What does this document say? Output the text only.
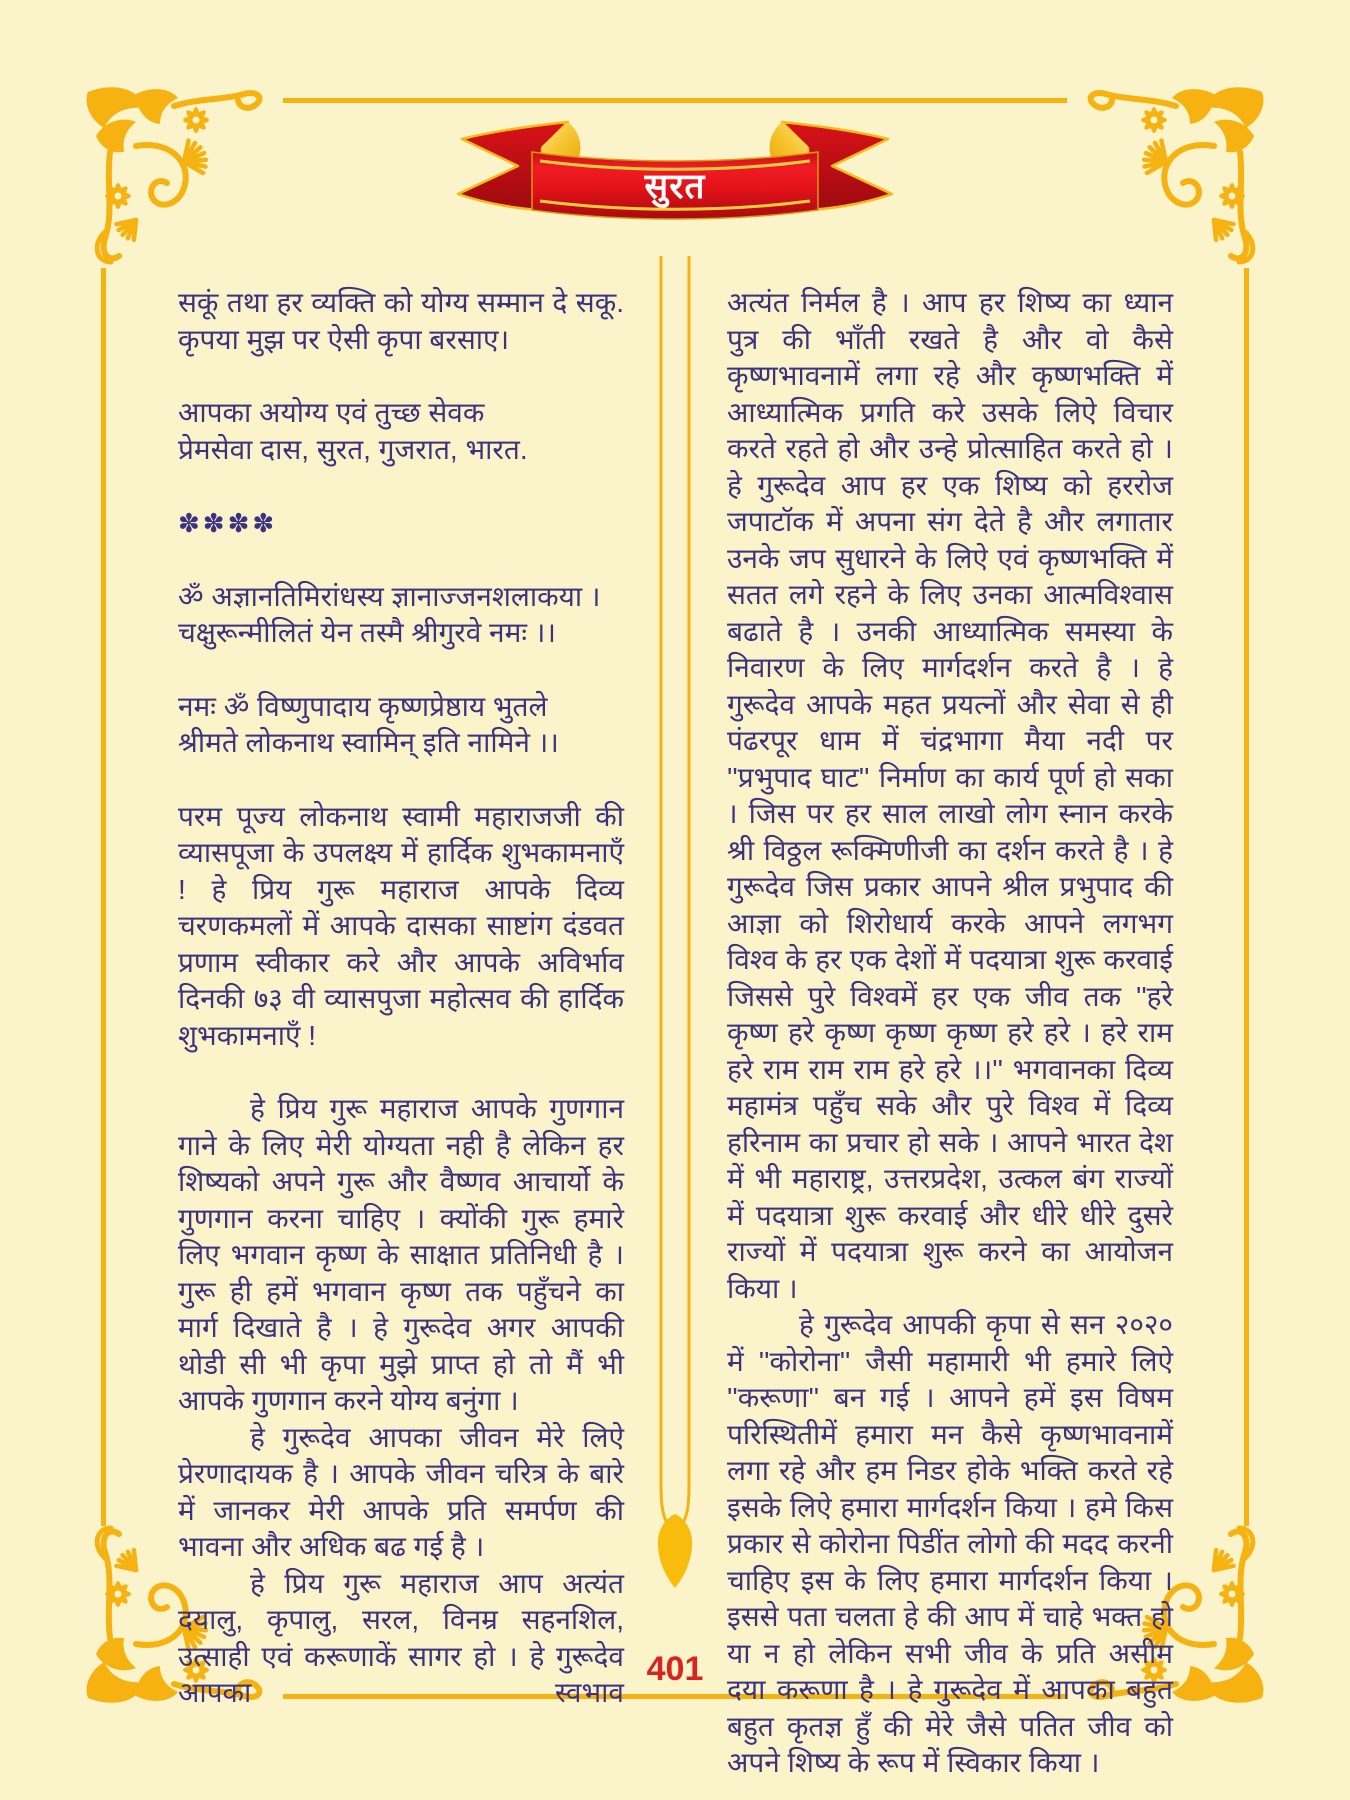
सुरत

सकूं तथा हर व्यक्ति को योग्य सम्मान दे सकू. कृपया मुझ पर ऐसी कृपा बरसाए।

आपका अयोग्य एवं तुच्छ सेवक

प्रेमसेवा दास, सुरत, गुजरात, भारत.

✽✽✽✽

ॐ अज्ञानतिमिरांधस्य ज्ञानाज्जनशलाकया ।

चक्षुरून्मीलितं येन तस्मै श्रीगुरवे नमः ।।

नमः ॐ विष्णुपादाय कृष्णप्रेष्ठाय भुतले

श्रीमते लोकनाथ स्वामिन् इति नामिने ।।

परम पूज्य लोकनाथ स्वामी महाराजजी की व्यासपूजा के उपलक्ष्य में हार्दिक शुभकामनाएँ ! हे प्रिय गुरू महाराज आपके दिव्य चरणकमलों में आपके दासका साष्टांग दंडवत प्रणाम स्वीकार करे और आपके अविर्भाव दिनकी ७३ वी व्यासपुजा महोत्सव की हार्दिक शुभकामनाएँ !

हे प्रिय गुरू महाराज आपके गुणगान गाने के लिए मेरी योग्यता नही है लेकिन हर शिष्यको अपने गुरू और वैष्णव आचार्यो के गुणगान करना चाहिए । क्योंकी गुरू हमारे लिए भगवान कृष्ण के साक्षात प्रतिनिधी है । गुरू ही हमें भगवान कृष्ण तक पहुँचने का मार्ग दिखाते है । हे गुरूदेव अगर आपकी थोडी सी भी कृपा मुझे प्राप्त हो तो मैं भी आपके गुणगान करने योग्य बनुंगा ।

हे गुरूदेव आपका जीवन मेरे लिऐ प्रेरणादायक है । आपके जीवन चरित्र के बारे में जानकर मेरी आपके प्रति समर्पण की भावना और अधिक बढ गई है ।

हे प्रिय गुरू महाराज आप अत्यंत दयालु, कृपालु, सरल, विनम्र सहनशिल, उत्साही एवं करूणाकें सागर हो । हे गुरूदेव आपका स्वभाव

अत्यंत निर्मल है । आप हर शिष्य का ध्यान पुत्र की भाँती रखते है और वो कैसे कृष्णभावनामें लगा रहे और कृष्णभक्ति में आध्यात्मिक प्रगति करे उसके लिऐ विचार करते रहते हो और उन्हे प्रोत्साहित करते हो । हे गुरूदेव आप हर एक शिष्य को हररोज जपाटॉक में अपना संग देते है और लगातार उनके जप सुधारने के लिऐ एवं कृष्णभक्ति में सतत लगे रहने के लिए उनका आत्मविश्वास बढाते है । उनकी आध्यात्मिक समस्या के निवारण के लिए मार्गदर्शन करते है । हे गुरूदेव आपके महत प्रयत्नों और सेवा से ही पंढरपूर धाम में चंद्रभागा मैया नदी पर ''प्रभुपाद घाट'' निर्माण का कार्य पूर्ण हो सका । जिस पर हर साल लाखो लोग स्नान करके श्री विठ्ठल रूक्मिणीजी का दर्शन करते है । हे गुरूदेव जिस प्रकार आपने श्रील प्रभुपाद की आज्ञा को शिरोधार्य करके आपने लगभग विश्व के हर एक देशों में पदयात्रा शुरू करवाई जिससे पुरे विश्वमें हर एक जीव तक ''हरे कृष्ण हरे कृष्ण कृष्ण कृष्ण हरे हरे । हरे राम हरे राम राम राम हरे हरे ।।'' भगवानका दिव्य महामंत्र पहुँच सके और पुरे विश्व में दिव्य हरिनाम का प्रचार हो सके । आपने भारत देश में भी महाराष्ट्र, उत्तरप्रदेश, उत्कल बंग राज्यों में पदयात्रा शुरू करवाई और धीरे धीरे दुसरे राज्यों में पदयात्रा शुरू करने का आयोजन किया ।

हे गुरूदेव आपकी कृपा से सन २०२० में ''कोरोना'' जैसी महामारी भी हमारे लिऐ ''करूणा'' बन गई । आपने हमें इस विषम परिस्थितीमें हमारा मन कैसे कृष्णभावनामें लगा रहे और हम निडर होके भक्ति करते रहे इसके लिऐ हमारा मार्गदर्शन किया । हमे किस प्रकार से कोरोना पिडींत लोगो की मदद करनी चाहिए इस के लिए हमारा मार्गदर्शन किया । इससे पता चलता हे की आप में चाहे भक्त हो या न हो लेकिन सभी जीव के प्रति असीम दया करूणा है । हे गुरूदेव में आपका बहुत बहुत कृतज्ञ हुँ की मेरे जैसे पतित जीव को अपने शिष्य के रूप में स्विकार किया ।

401
